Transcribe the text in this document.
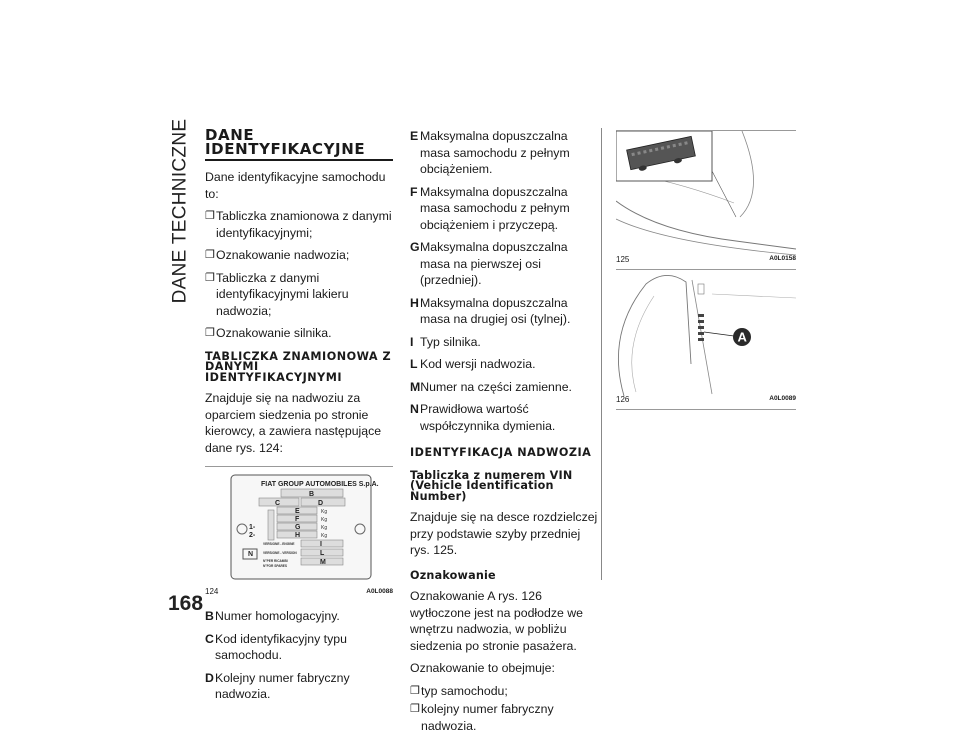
DANE TECHNICZNE
168
DANE IDENTYFIKACYJNE

Dane identyfikacyjne samochodu to:

❐ Tabliczka znamionowa z danymi identyfikacyjnymi;
❐ Oznakowanie nadwozia;
❐ Tabliczka z danymi identyfikacyjnymi lakieru nadwozia;
❐ Oznakowanie silnika.
TABLICZKA ZNAMIONOWA Z DANYMI IDENTYFIKACYJNYMI

Znajduje się na nadwoziu za oparciem siedzenia po stronie kierowcy, a zawiera następujące dane rys. 124:

FIAT GROUP AUTOMOBILES S.p.A.
B
C	D
E
F
G
H
I
L
M
N
1-
2-
Kg
Kg
Kg
Kg
VERSIONE - ENGINE
VERSIONE - VERSION
N°PER RICAMBI
N°FOR SPARES
124	A0L0088
B Numer homologacyjny.
C Kod identyfikacyjny typu samochodu.
D Kolejny numer fabryczny nadwozia.
E Maksymalna dopuszczalna masa samochodu z pełnym obciążeniem.
F Maksymalna dopuszczalna masa samochodu z pełnym obciążeniem i przyczepą.
G Maksymalna dopuszczalna masa na pierwszej osi (przedniej).
H Maksymalna dopuszczalna masa na drugiej osi (tylnej).
I Typ silnika.
L Kod wersji nadwozia.
M Numer na części zamienne.
N Prawidłowa wartość współczynnika dymienia.
IDENTYFIKACJA NADWOZIA
Tabliczka z numerem VIN (Vehicle Identification Number)

Znajduje się na desce rozdzielczej przy podstawie szyby przedniej rys. 125.

Oznakowanie

Oznakowanie A rys. 126 wytłoczone jest na podłodze we wnętrzu nadwozia, w pobliżu siedzenia po stronie pasażera.

Oznakowanie to obejmuje:

❐ typ samochodu;
❐ kolejny numer fabryczny nadwozia.
125	A0L0158
A
126	A0L0089
